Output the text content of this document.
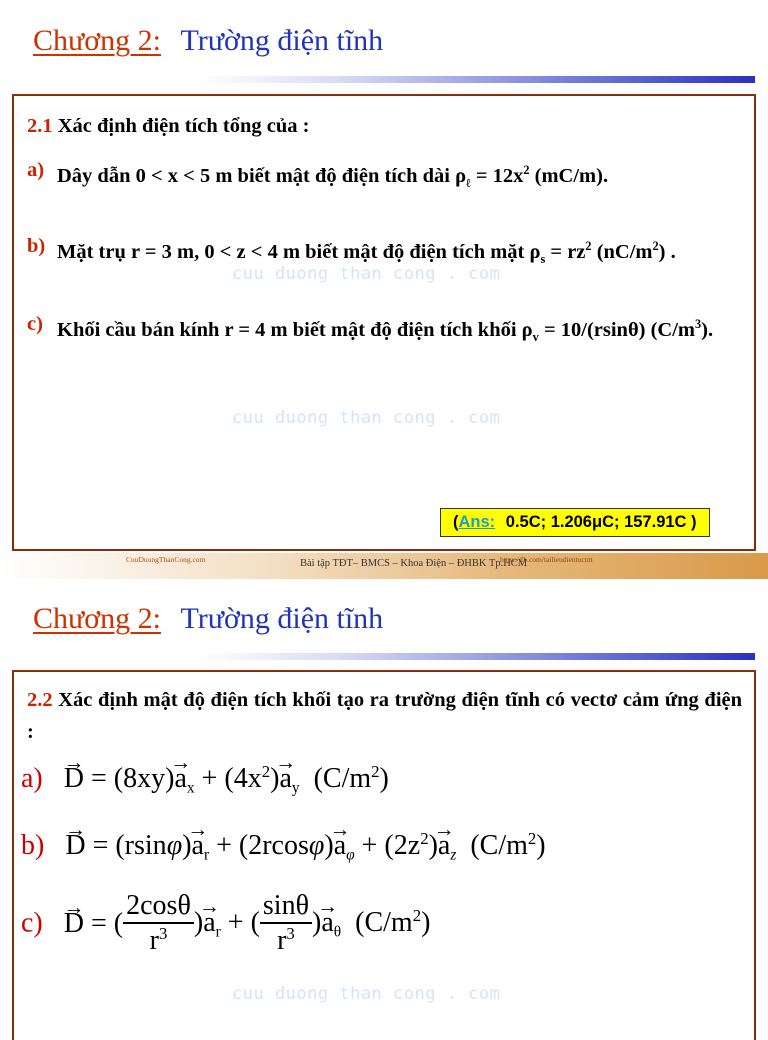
Chương 2: Trường điện tĩnh
2.1 Xác định điện tích tổng của :
a) Dây dẫn 0 < x < 5 m biết mật độ điện tích dài $\rho_\ell = 12x^2$ (mC/m).
b) Mặt trụ r = 3 m, 0 < z < 4 m biết mật độ điện tích mặt $\rho_s = rz^2$ $(nC/m^2)$ .
c) Khối cầu bán kính r = 4 m biết mật độ điện tích khối $\rho_v = 10/(rsin\theta)$ $(C/m^3)$.
cuu duong than cong . com
cuu duong than cong . com
(Ans: 0.5C; 1.206μC; 157.91C )
CuuDuongThanCong.com	Bài tập TĐT– BMCS – Khoa Điện – ĐHBK Tp.HCM
https://fb.com/tailieudientucntt
Chương 2: Trường điện tĩnh
2.2 Xác định mật độ điện tích khối tạo ra trường điện tĩnh có vectơ cảm ứng điện :
$a) \to D = (8xy)\to a_x + (4x^2)\to a_y$  $(C/m^2)$
$b) \to D = (rsin\varphi)\to a_r + (2rcos\varphi)\to a_\varphi + (2z^2)\to a_z$  $(C/m^2)$
c) → D = ( $\frac{2\cos\theta}{r^3}$ )→ $a_r$ + ( $\frac{\sin\theta}{r^3}$ )→ $a_\theta$  $(C/m^2)$
cuu duong than cong . com
